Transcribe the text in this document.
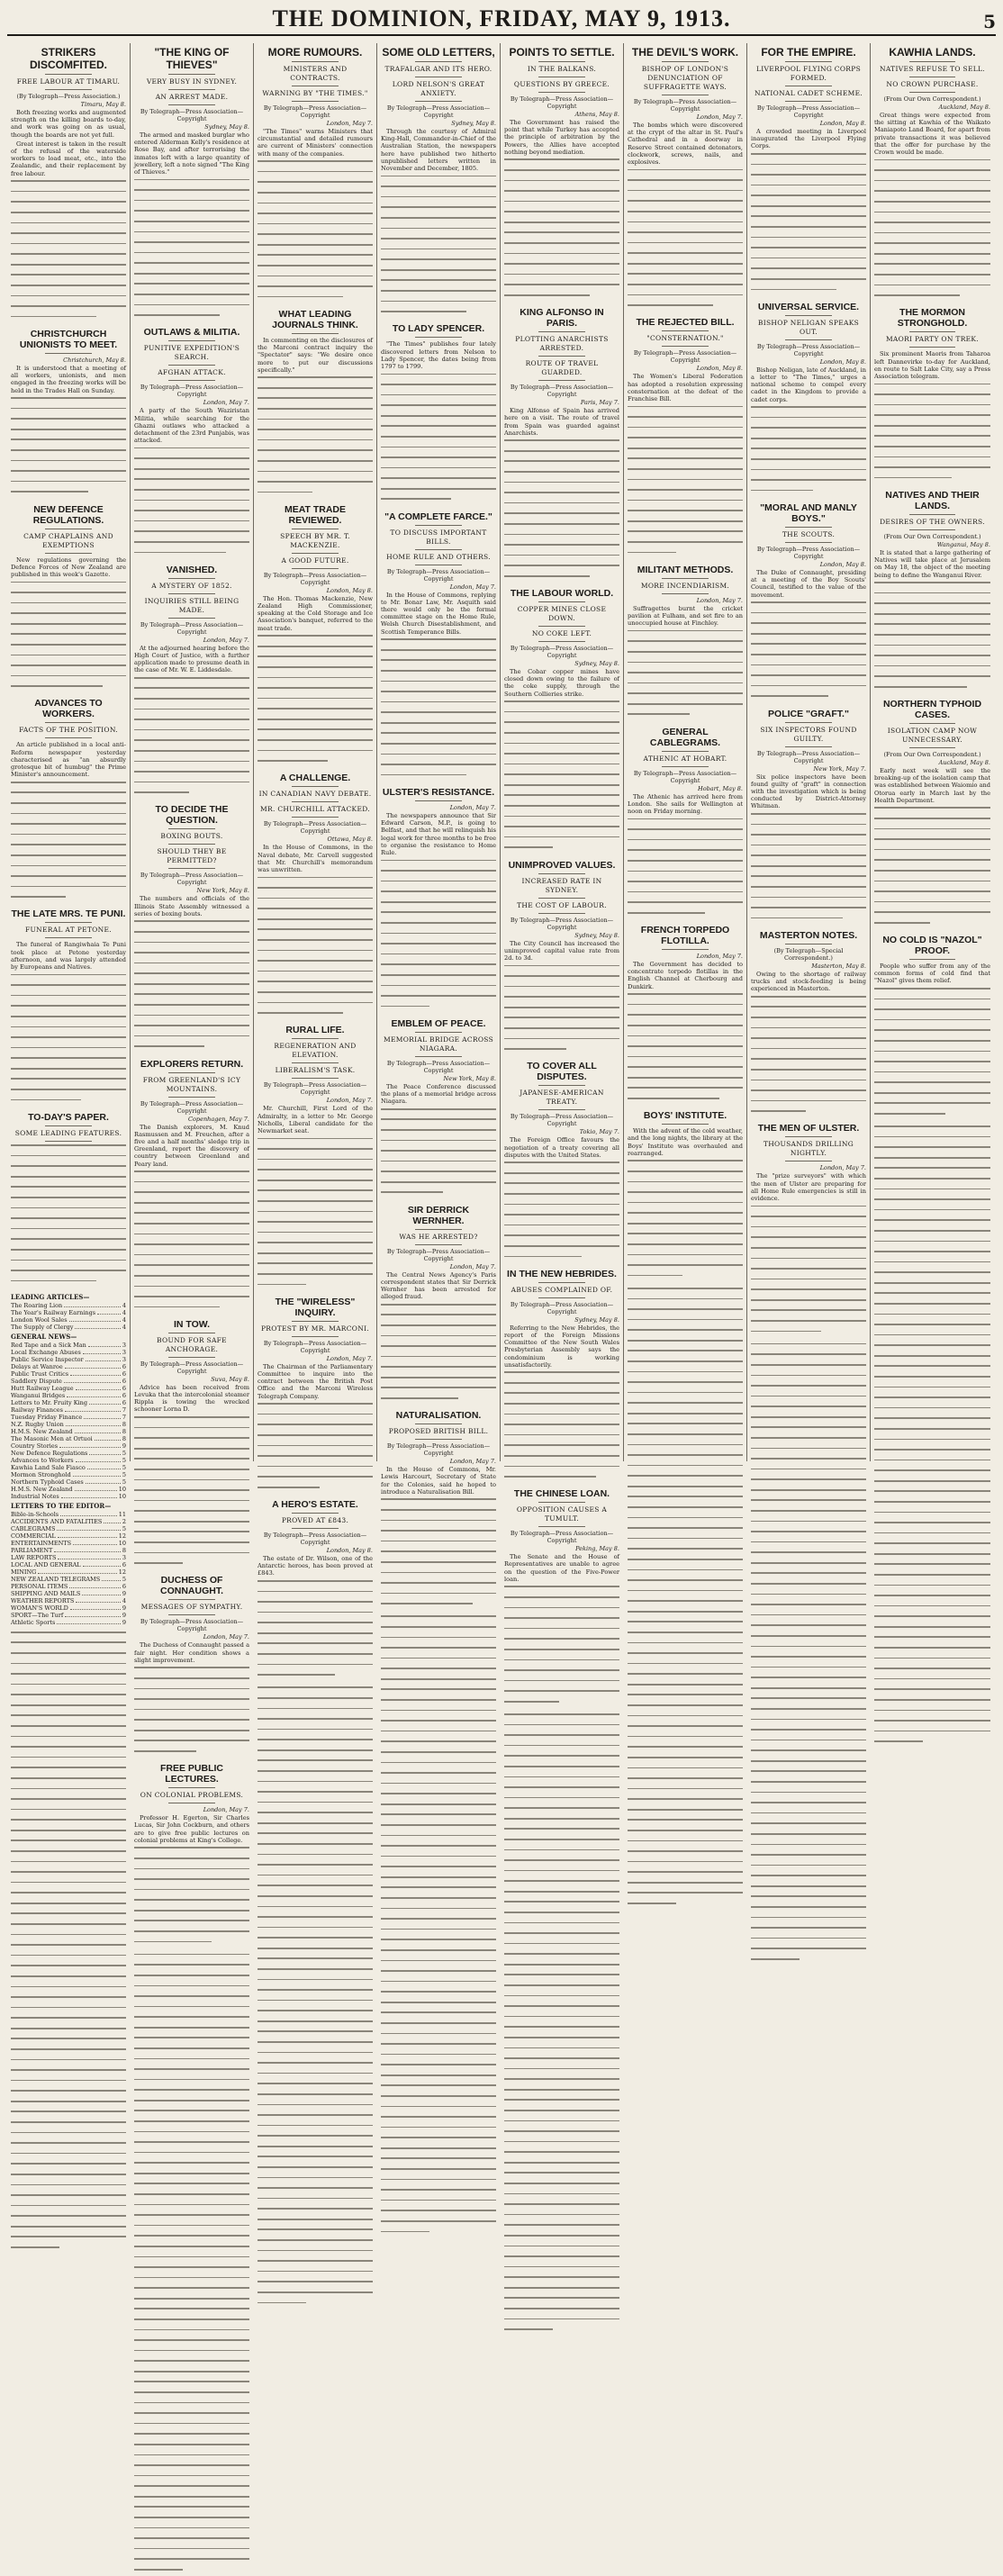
THE DOMINION, FRIDAY, MAY 9, 1913.	5
STRIKERS DISCOMFITED.
FREE LABOUR AT TIMARU.
(By Telegraph—Press Association.)
Timaru, May 8.

Both freezing works and augmented strength on the killing boards to-day, and work was going on as usual, though the boards are not yet full.

Great interest is taken in the result of the refusal of the waterside workers to load meat, etc., into the Zealandic, and their replacement by free labour.

CHRISTCHURCH UNIONISTS TO MEET.
Christchurch, May 8.

It is understood that a meeting of all workers, unionists, and men engaged in the freezing works will be held in the Trades Hall on Sunday.

NEW DEFENCE REGULATIONS.
CAMP CHAPLAINS AND EXEMPTIONS

New regulations governing the Defence Forces of New Zealand are published in this week's Gazette.

ADVANCES TO WORKERS.
FACTS OF THE POSITION.

An article published in a local anti-Reform newspaper yesterday characterised as "an absurdly grotesque bit of humbug" the Prime Minister's announcement.

THE LATE MRS. TE PUNI.
FUNERAL AT PETONE.

The funeral of Rangiwhaia Te Puni took place at Petone yesterday afternoon, and was largely attended by Europeans and Natives.

TO-DAY'S PAPER.
SOME LEADING FEATURES.
LEADING ARTICLES—
The Roaring Lion	4
The Year's Railway Earnings	4
London Wool Sales	4
The Supply of Clergy	4
GENERAL NEWS—
Red Tape and a Sick Man	3
Local Exchange Abuses	3
Public Service Inspector	3
Delays at Wanroe	6
Public Trust Critics	6
Saddlery Dispute	6
Hutt Railway League	6
Wanganui Bridges	6
Letters to Mr. Fruity King	6
Railway Finances	7
Tuesday Friday Finance	7
N.Z. Rugby Union	8
H.M.S. New Zealand	8
The Masonic Men at Ortuoi	8
Country Stories	9
New Defence Regulations	5
Advances to Workers	5
Kawhia Land Sale Fiasco	5
Mormon Stronghold	5
Northern Typhoid Cases	5
H.M.S. New Zealand	10
Industrial Notes	10
LETTERS TO THE EDITOR—
Bible-in-Schools	11
ACCIDENTS AND FATALITIES	2
CABLEGRAMS	5
COMMERCIAL	12
ENTERTAINMENTS	10
PARLIAMENT	8
LAW REPORTS	3
LOCAL AND GENERAL	6
MINING	12
NEW ZEALAND TELEGRAMS	5
PERSONAL ITEMS	6
SHIPPING AND MAILS	9
WEATHER REPORTS	4
WOMAN'S WORLD	9
SPORT—The Turf	9
Athletic Sports	9
"THE KING OF THIEVES"
VERY BUSY IN SYDNEY.
AN ARREST MADE.
By Telegraph—Press Association—Copyright
Sydney, May 8.

The armed and masked burglar who entered Alderman Kelly's residence at Rose Bay, and after terrorising the inmates left with a large quantity of jewellery, left a note signed "The King of Thieves."

OUTLAWS & MILITIA.
PUNITIVE EXPEDITION'S SEARCH.
AFGHAN ATTACK.
By Telegraph—Press Association—Copyright
London, May 7.

A party of the South Waziristan Militia, while searching for the Ghazni outlaws who attacked a detachment of the 23rd Punjabis, was attacked.

VANISHED.
A MYSTERY OF 1852.
INQUIRIES STILL BEING MADE.
By Telegraph—Press Association—Copyright
London, May 7.

At the adjourned hearing before the High Court of Justice, with a further application made to presume death in the case of Mr. W. E. Liddesdale.

TO DECIDE THE QUESTION.
BOXING BOUTS.
SHOULD THEY BE PERMITTED?
By Telegraph—Press Association—Copyright
New York, May 8.

The numbers and officials of the Illinois State Assembly witnessed a series of boxing bouts.

EXPLORERS RETURN.
FROM GREENLAND'S ICY MOUNTAINS.
By Telegraph—Press Association—Copyright
Copenhagen, May 7.

The Danish explorers, M. Knud Rasmussen and M. Freuchen, after a five and a half months' sledge trip in Greenland, report the discovery of country between Greenland and Peary land.

IN TOW.
BOUND FOR SAFE ANCHORAGE.
By Telegraph—Press Association—Copyright
Suva, May 8.

Advice has been received from Levuka that the intercolonial steamer Rippla is towing the wrecked schooner Lorna D.

DUCHESS OF CONNAUGHT.
MESSAGES OF SYMPATHY.
By Telegraph—Press Association—Copyright
London, May 7.

The Duchess of Connaught passed a fair night. Her condition shows a slight improvement.

FREE PUBLIC LECTURES.
ON COLONIAL PROBLEMS.
London, May 7.

Professor H. Egerton, Sir Charles Lucas, Sir John Cockburn, and others are to give free public lectures on colonial problems at King's College.

MORE RUMOURS.
MINISTERS AND CONTRACTS.
WARNING BY "THE TIMES."
By Telegraph—Press Association—Copyright
London, May 7.

"The Times" warns Ministers that circumstantial and detailed rumours are current of Ministers' connection with many of the companies.

WHAT LEADING JOURNALS THINK.

In commenting on the disclosures of the Marconi contract inquiry the "Spectator" says: "We desire once more to put our discussions specifically."

MEAT TRADE REVIEWED.
SPEECH BY MR. T. MACKENZIE.
A GOOD FUTURE.
By Telegraph—Press Association—Copyright
London, May 8.

The Hon. Thomas Mackenzie, New Zealand High Commissioner, speaking at the Cold Storage and Ice Association's banquet, referred to the meat trade.

A CHALLENGE.
IN CANADIAN NAVY DEBATE.
MR. CHURCHILL ATTACKED.
By Telegraph—Press Association—Copyright
Ottawa, May 8.

In the House of Commons, in the Naval debate, Mr. Carvell suggested that Mr. Churchill's memorandum was unwritten.

RURAL LIFE.
REGENERATION AND ELEVATION.
LIBERALISM'S TASK.
By Telegraph—Press Association—Copyright
London, May 7.

Mr. Churchill, First Lord of the Admiralty, in a letter to Mr. George Nicholls, Liberal candidate for the Newmarket seat.

THE "WIRELESS" INQUIRY.
PROTEST BY MR. MARCONI.
By Telegraph—Press Association—Copyright
London, May 7.

The Chairman of the Parliamentary Committee to inquire into the contract between the British Post Office and the Marconi Wireless Telegraph Company.

A HERO'S ESTATE.
PROVED AT £843.
By Telegraph—Press Association—Copyright
London, May 8.

The estate of Dr. Wilson, one of the Antarctic heroes, has been proved at £843.

SOME OLD LETTERS,
TRAFALGAR AND ITS HERO.
LORD NELSON'S GREAT ANXIETY.
By Telegraph—Press Association—Copyright
Sydney, May 8.

Through the courtesy of Admiral King-Hall, Commander-in-Chief of the Australian Station, the newspapers here have published two hitherto unpublished letters written in November and December, 1805.

TO LADY SPENCER.

"The Times" publishes four lately discovered letters from Nelson to Lady Spencer, the dates being from 1797 to 1799.

"A COMPLETE FARCE."
TO DISCUSS IMPORTANT BILLS.
HOME RULE AND OTHERS.
By Telegraph—Press Association—Copyright
London, May 7.

In the House of Commons, replying to Mr. Bonar Law, Mr. Asquith said there would only be the formal committee stage on the Home Rule, Welsh Church Disestablishment, and Scottish Temperance Bills.

ULSTER'S RESISTANCE.
London, May 7.

The newspapers announce that Sir Edward Carson, M.P., is going to Belfast, and that he will relinquish his legal work for three months to be free to organise the resistance to Home Rule.

EMBLEM OF PEACE.
MEMORIAL BRIDGE ACROSS NIAGARA.
By Telegraph—Press Association—Copyright
New York, May 8.

The Peace Conference discussed the plans of a memorial bridge across Niagara.

SIR DERRICK WERNHER.
WAS HE ARRESTED?
By Telegraph—Press Association—Copyright
London, May 7.

The Central News Agency's Paris correspondent states that Sir Derrick Wernher has been arrested for alleged fraud.

NATURALISATION.
PROPOSED BRITISH BILL.
By Telegraph—Press Association—Copyright
London, May 7.

In the House of Commons, Mr. Lewis Harcourt, Secretary of State for the Colonies, said he hoped to introduce a Naturalisation Bill.

POINTS TO SETTLE.
IN THE BALKANS.
QUESTIONS BY GREECE.
By Telegraph—Press Association—Copyright
Athens, May 8.

The Government has raised the point that while Turkey has accepted the principle of arbitration by the Powers, the Allies have accepted nothing beyond mediation.

KING ALFONSO IN PARIS.
PLOTTING ANARCHISTS ARRESTED.
ROUTE OF TRAVEL GUARDED.
By Telegraph—Press Association—Copyright
Paris, May 7.

King Alfonso of Spain has arrived here on a visit. The route of travel from Spain was guarded against Anarchists.

THE LABOUR WORLD.
COPPER MINES CLOSE DOWN.
NO COKE LEFT.
By Telegraph—Press Association—Copyright
Sydney, May 8.

The Cobar copper mines have closed down owing to the failure of the coke supply, through the Southern Collieries strike.

UNIMPROVED VALUES.
INCREASED RATE IN SYDNEY.
THE COST OF LABOUR.
By Telegraph—Press Association—Copyright
Sydney, May 8.

The City Council has increased the unimproved capital value rate from 2d. to 3d.

TO COVER ALL DISPUTES.
JAPANESE-AMERICAN TREATY.
By Telegraph—Press Association—Copyright
Tokio, May 7.

The Foreign Office favours the negotiation of a treaty covering all disputes with the United States.

IN THE NEW HEBRIDES.
ABUSES COMPLAINED OF.
By Telegraph—Press Association—Copyright
Sydney, May 8.

Referring to the New Hebrides, the report of the Foreign Missions Committee of the New South Wales Presbyterian Assembly says the condominium is working unsatisfactorily.

THE CHINESE LOAN.
OPPOSITION CAUSES A TUMULT.
By Telegraph—Press Association—Copyright
Peking, May 8.

The Senate and the House of Representatives are unable to agree on the question of the Five-Power loan.

THE DEVIL'S WORK.
BISHOP OF LONDON'S DENUNCIATION OF SUFFRAGETTE WAYS.
By Telegraph—Press Association—Copyright
London, May 7.

The bombs which were discovered at the crypt of the altar in St. Paul's Cathedral and in a doorway in Reserve Street contained detonators, clockwork, screws, nails, and explosives.

THE REJECTED BILL.
"CONSTERNATION."
By Telegraph—Press Association—Copyright
London, May 8.

The Women's Liberal Federation has adopted a resolution expressing consternation at the defeat of the Franchise Bill.

MILITANT METHODS.
MORE INCENDIARISM.
London, May 7.

Suffragettes burnt the cricket pavilion at Fulham, and set fire to an unoccupied house at Finchley.

GENERAL CABLEGRAMS.
ATHENIC AT HOBART.
By Telegraph—Press Association—Copyright
Hobart, May 8.

The Athenic has arrived here from London. She sails for Wellington at noon on Friday morning.

FRENCH TORPEDO FLOTILLA.
London, May 7.

The Government has decided to concentrate torpedo flotillas in the English Channel at Cherbourg and Dunkirk.

BOYS' INSTITUTE.

With the advent of the cold weather, and the long nights, the library at the Boys' Institute was overhauled and rearranged.

FOR THE EMPIRE.
LIVERPOOL FLYING CORPS FORMED.
NATIONAL CADET SCHEME.
By Telegraph—Press Association—Copyright
London, May 8.

A crowded meeting in Liverpool inaugurated the Liverpool Flying Corps.

UNIVERSAL SERVICE.
BISHOP NELIGAN SPEAKS OUT.
By Telegraph—Press Association—Copyright
London, May 8.

Bishop Neligan, late of Auckland, in a letter to "The Times," urges a national scheme to compel every cadet in the Kingdom to provide a cadet corps.

"MORAL AND MANLY BOYS."
THE SCOUTS.
By Telegraph—Press Association—Copyright
London, May 8.

The Duke of Connaught, presiding at a meeting of the Boy Scouts' Council, testified to the value of the movement.

POLICE "GRAFT."
SIX INSPECTORS FOUND GUILTY.
By Telegraph—Press Association—Copyright
New York, May 7.

Six police inspectors have been found guilty of "graft" in connection with the investigation which is being conducted by District-Attorney Whitman.

MASTERTON NOTES.
(By Telegraph—Special Correspondent.)
Masterton, May 8.

Owing to the shortage of railway trucks and stock-feeding is being experienced in Masterton.

THE MEN OF ULSTER.
THOUSANDS DRILLING NIGHTLY.
London, May 7.

The "prize surveyors" with which the men of Ulster are preparing for all Home Rule emergencies is still in evidence.

KAWHIA LANDS.
NATIVES REFUSE TO SELL.
NO CROWN PURCHASE.
(From Our Own Correspondent.)
Auckland, May 8.

Great things were expected from the sitting at Kawhia of the Waikato Maniapoto Land Board, for apart from private transactions it was believed that the offer for purchase by the Crown would be made.

THE MORMON STRONGHOLD.
MAORI PARTY ON TREK.

Six prominent Maoris from Taharoa left Dannevirke to-day for Auckland, en route to Salt Lake City, say a Press Association telegram.

NATIVES AND THEIR LANDS.
DESIRES OF THE OWNERS.
(From Our Own Correspondent.)
Wanganui, May 8.

It is stated that a large gathering of Natives will take place at Jerusalem on May 18, the object of the meeting being to define the Wanganui River.

NORTHERN TYPHOID CASES.
ISOLATION CAMP NOW UNNECESSARY.
(From Our Own Correspondent.)
Auckland, May 8.

Early next week will see the breaking-up of the isolation camp that was established between Waiomio and Otorua early in March last by the Health Department.

NO COLD IS "NAZOL" PROOF.

People who suffer from any of the common forms of cold find that "Nazol" gives them relief.
